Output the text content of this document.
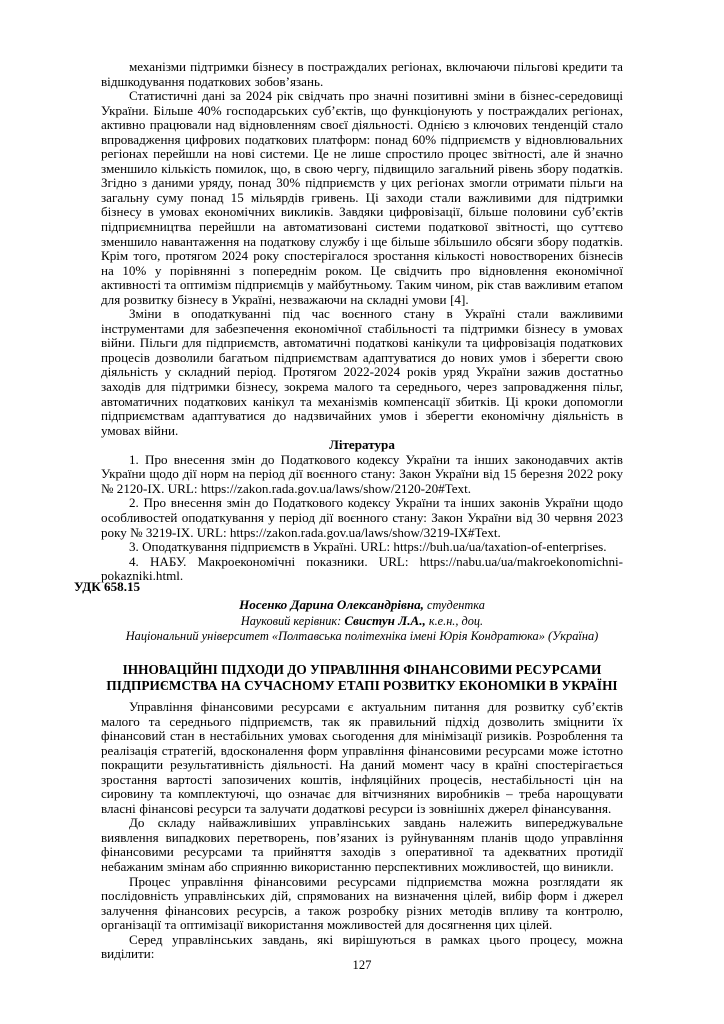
механізми підтримки бізнесу в постраждалих регіонах, включаючи пільгові кредити та відшкодування податкових зобов’язань.

Статистичні дані за 2024 рік свідчать про значні позитивні зміни в бізнес-середовищі України. Більше 40% господарських суб’єктів, що функціонують у постраждалих регіонах, активно працювали над відновленням своєї діяльності. Однією з ключових тенденцій стало впровадження цифрових податкових платформ: понад 60% підприємств у відновлювальних регіонах перейшли на нові системи. Це не лише спростило процес звітності, але й значно зменшило кількість помилок, що, в свою чергу, підвищило загальний рівень збору податків. Згідно з даними уряду, понад 30% підприємств у цих регіонах змогли отримати пільги на загальну суму понад 15 мільярдів гривень. Ці заходи стали важливими для підтримки бізнесу в умовах економічних викликів. Завдяки цифровізації, більше половини суб’єктів підприємництва перейшли на автоматизовані системи податкової звітності, що суттєво зменшило навантаження на податкову службу і ще більше збільшило обсяги збору податків. Крім того, протягом 2024 року спостерігалося зростання кількості новостворених бізнесів на 10% у порівнянні з попереднім роком. Це свідчить про відновлення економічної активності та оптимізм підприємців у майбутньому. Таким чином, рік став важливим етапом для розвитку бізнесу в Україні, незважаючи на складні умови [4].

Зміни в оподаткуванні під час воєнного стану в Україні стали важливими інструментами для забезпечення економічної стабільності та підтримки бізнесу в умовах війни. Пільги для підприємств, автоматичні податкові канікули та цифровізація податкових процесів дозволили багатьом підприємствам адаптуватися до нових умов і зберегти свою діяльність у складний період. Протягом 2022-2024 років уряд України зажив достатньо заходів для підтримки бізнесу, зокрема малого та середнього, через запровадження пільг, автоматичних податкових канікул та механізмів компенсації збитків. Ці кроки допомогли підприємствам адаптуватися до надзвичайних умов і зберегти економічну діяльність в умовах війни.

Література

1. Про внесення змін до Податкового кодексу України та інших законодавчих актів України щодо дії норм на період дії воєнного стану: Закон України від 15 березня 2022 року № 2120-IX. URL: https://zakon.rada.gov.ua/laws/show/2120-20#Text.

2. Про внесення змін до Податкового кодексу України та інших законів України щодо особливостей оподаткування у період дії воєнного стану: Закон України від 30 червня 2023 року № 3219-IX. URL: https://zakon.rada.gov.ua/laws/show/3219-IX#Text.

3. Оподаткування підприємств в Україні. URL: https://buh.ua/ua/taxation-of-enterprises.

4. НАБУ. Макроекономічні показники. URL: https://nabu.ua/ua/makroekonomichni-pokazniki.html.

УДК 658.15
Носенко Дарина Олександрівна, студентка
Науковий керівник: Свистун Л.А., к.е.н., доц.
Національний університет «Полтавська політехніка імені Юрія Кондратюка» (Україна)
ІННОВАЦІЙНІ ПІДХОДИ ДО УПРАВЛІННЯ ФІНАНСОВИМИ РЕСУРСАМИ ПІДПРИЄМСТВА НА СУЧАСНОМУ ЕТАПІ РОЗВИТКУ ЕКОНОМІКИ В УКРАЇНІ

Управління фінансовими ресурсами є актуальним питання для розвитку суб’єктів малого та середнього підприємств, так як правильний підхід дозволить зміцнити їх фінансовий стан в нестабільних умовах сьогодення для мінімізації ризиків. Розроблення та реалізація стратегій, вдосконалення форм управління фінансовими ресурсами може істотно покращити результативність діяльності. На даний момент часу в країні спостерігається зростання вартості запозичених коштів, інфляційних процесів, нестабільності цін на сировину та комплектуючі, що означає для вітчизняних виробників – треба нарощувати власні фінансові ресурси та залучати додаткові ресурси із зовнішніх джерел фінансування.

До складу найважливіших управлінських завдань належить випереджувальне виявлення випадкових перетворень, пов’язаних із руйнуванням планів щодо управління фінансовими ресурсами та прийняття заходів з оперативної та адекватних протидії небажаним змінам або сприянню використанню перспективних можливостей, що виникли.

Процес управління фінансовими ресурсами підприємства можна розглядати як послідовність управлінських дій, спрямованих на визначення цілей, вибір форм і джерел залучення фінансових ресурсів, а також розробку різних методів впливу та контролю, організації та оптимізації використання можливостей для досягнення цих цілей.

Серед управлінських завдань, які вирішуються в рамках цього процесу, можна виділити:

127
